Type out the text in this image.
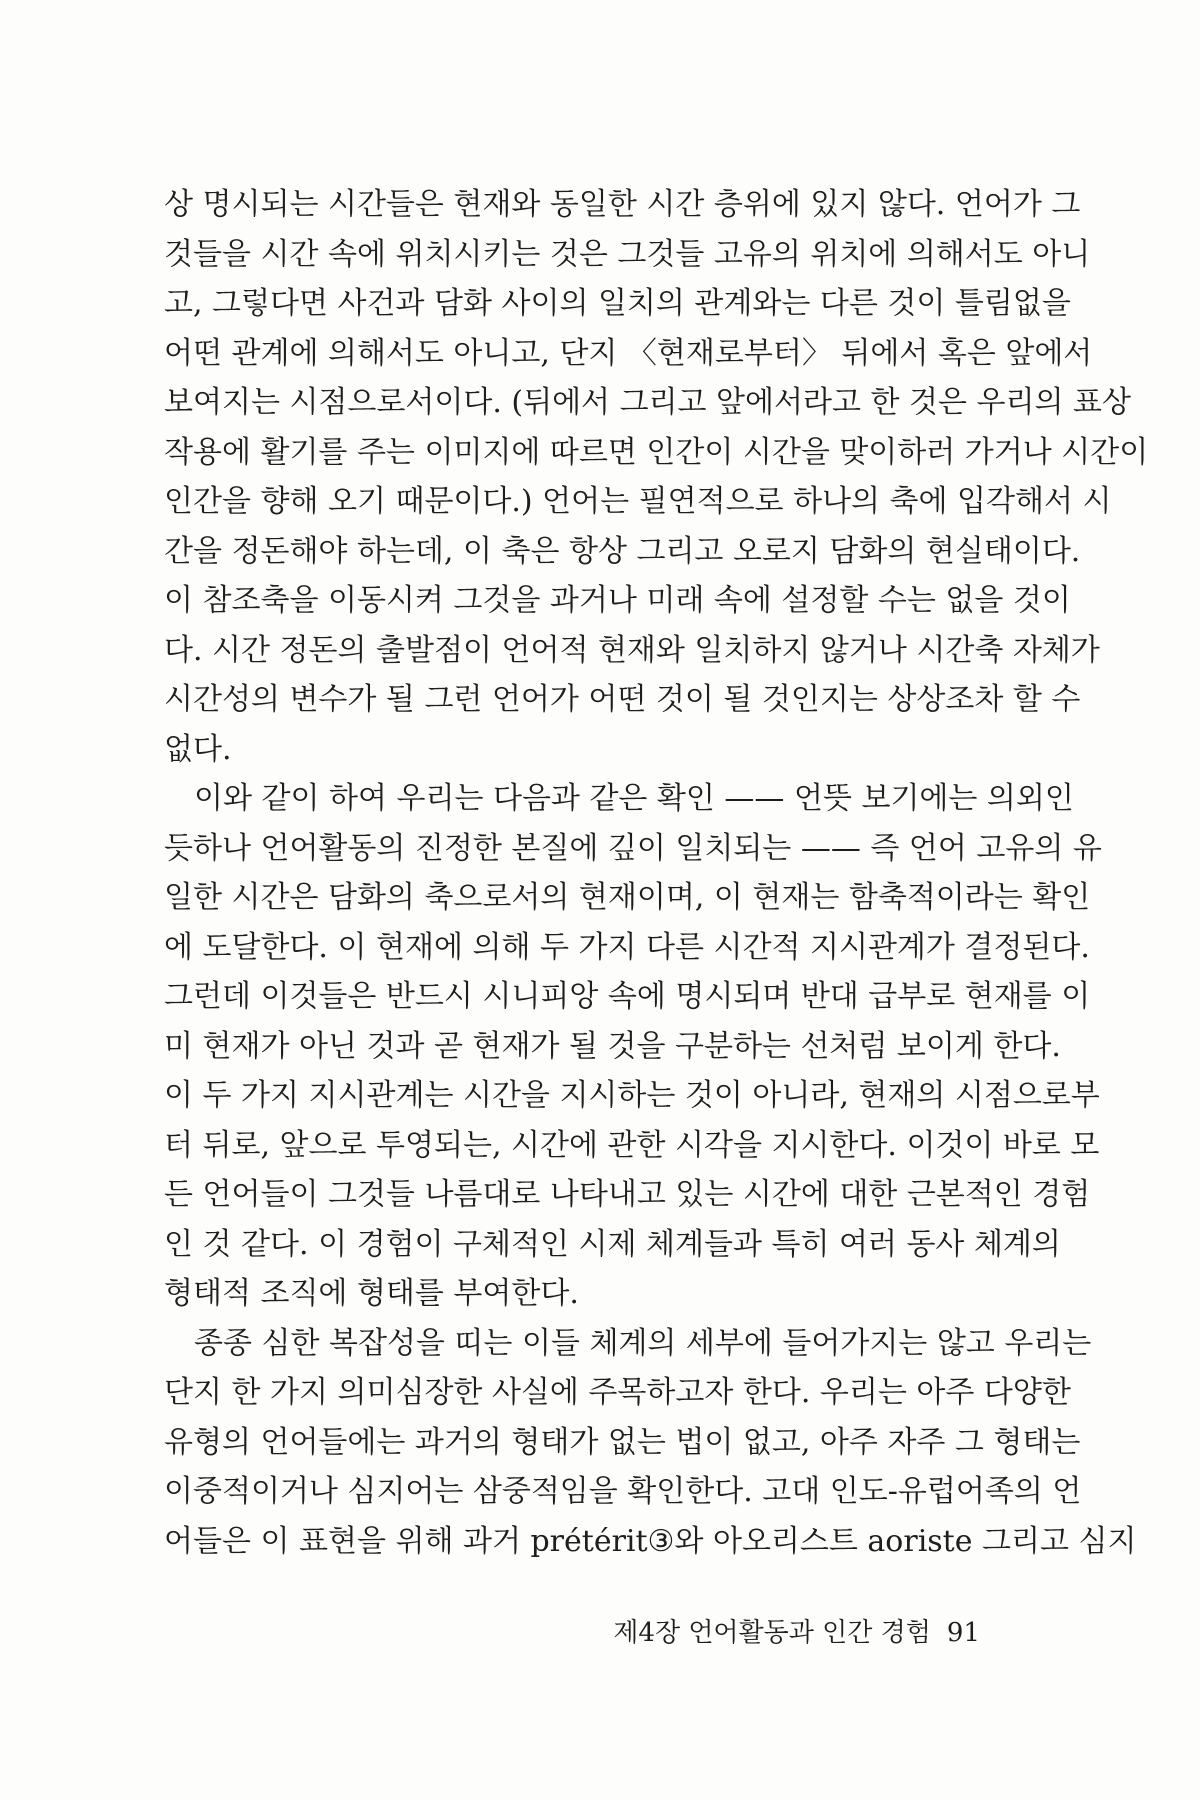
상 명시되는 시간들은 현재와 동일한 시간 층위에 있지 않다. 언어가 그
것들을 시간 속에 위치시키는 것은 그것들 고유의 위치에 의해서도 아니
고, 그렇다면 사건과 담화 사이의 일치의 관계와는 다른 것이 틀림없을
어떤 관계에 의해서도 아니고, 단지 〈현재로부터〉 뒤에서 혹은 앞에서
보여지는 시점으로서이다. (뒤에서 그리고 앞에서라고 한 것은 우리의 표상
작용에 활기를 주는 이미지에 따르면 인간이 시간을 맞이하러 가거나 시간이
인간을 향해 오기 때문이다.) 언어는 필연적으로 하나의 축에 입각해서 시
간을 정돈해야 하는데, 이 축은 항상 그리고 오로지 담화의 현실태이다.
이 참조축을 이동시켜 그것을 과거나 미래 속에 설정할 수는 없을 것이
다. 시간 정돈의 출발점이 언어적 현재와 일치하지 않거나 시간축 자체가
시간성의 변수가 될 그런 언어가 어떤 것이 될 것인지는 상상조차 할 수
없다.
이와 같이 하여 우리는 다음과 같은 확인 —— 언뜻 보기에는 의외인
듯하나 언어활동의 진정한 본질에 깊이 일치되는 —— 즉 언어 고유의 유
일한 시간은 담화의 축으로서의 현재이며, 이 현재는 함축적이라는 확인
에 도달한다. 이 현재에 의해 두 가지 다른 시간적 지시관계가 결정된다.
그런데 이것들은 반드시 시니피앙 속에 명시되며 반대 급부로 현재를 이
미 현재가 아닌 것과 곧 현재가 될 것을 구분하는 선처럼 보이게 한다.
이 두 가지 지시관계는 시간을 지시하는 것이 아니라, 현재의 시점으로부
터 뒤로, 앞으로 투영되는, 시간에 관한 시각을 지시한다. 이것이 바로 모
든 언어들이 그것들 나름대로 나타내고 있는 시간에 대한 근본적인 경험
인 것 같다. 이 경험이 구체적인 시제 체계들과 특히 여러 동사 체계의
형태적 조직에 형태를 부여한다.
종종 심한 복잡성을 띠는 이들 체계의 세부에 들어가지는 않고 우리는
단지 한 가지 의미심장한 사실에 주목하고자 한다. 우리는 아주 다양한
유형의 언어들에는 과거의 형태가 없는 법이 없고, 아주 자주 그 형태는
이중적이거나 심지어는 삼중적임을 확인한다. 고대 인도-유럽어족의 언
어들은 이 표현을 위해 과거 prétérit③와 아오리스트 aoriste 그리고 심지
제4장 언어활동과 인간 경험 91
